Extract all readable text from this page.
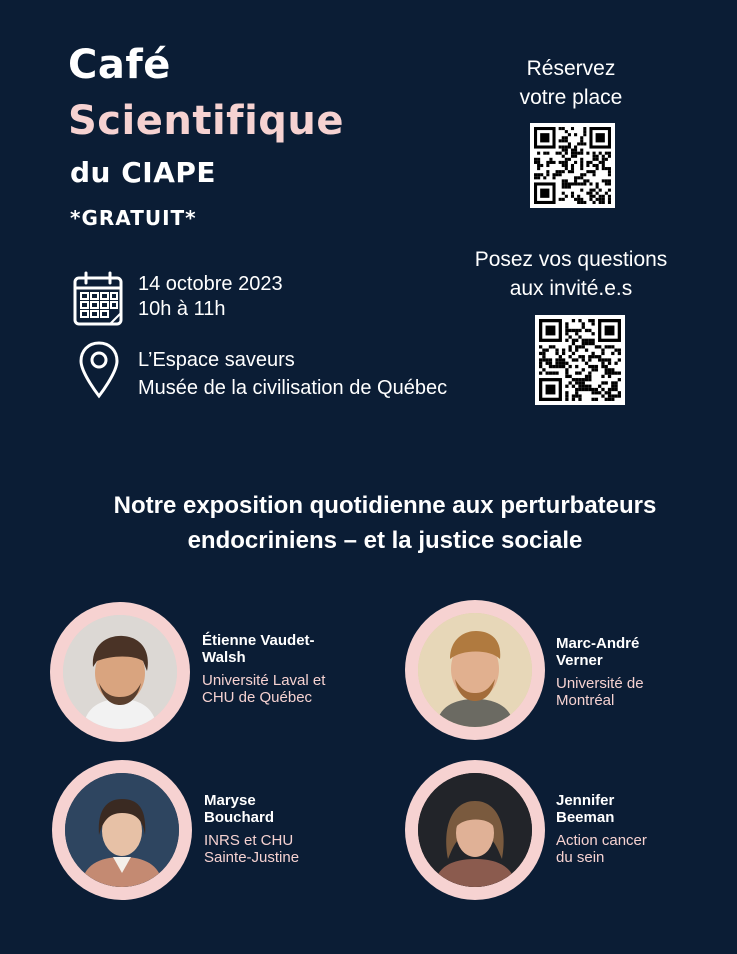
Café
Scientifique
du CIAPE
*GRATUIT*
14 octobre 2023
10h à 11h
L’Espace saveurs
Musée de la civilisation de Québec
Réservez
votre place
Posez vos questions
aux invité.e.s
Notre exposition quotidienne aux perturbateurs
endocriniens – et la justice sociale
Étienne Vaudet-
Walsh
Université Laval et
CHU de Québec
Marc-André
Verner
Université de
Montréal
Maryse
Bouchard
INRS et CHU
Sainte-Justine
Jennifer
Beeman
Action cancer
du sein
